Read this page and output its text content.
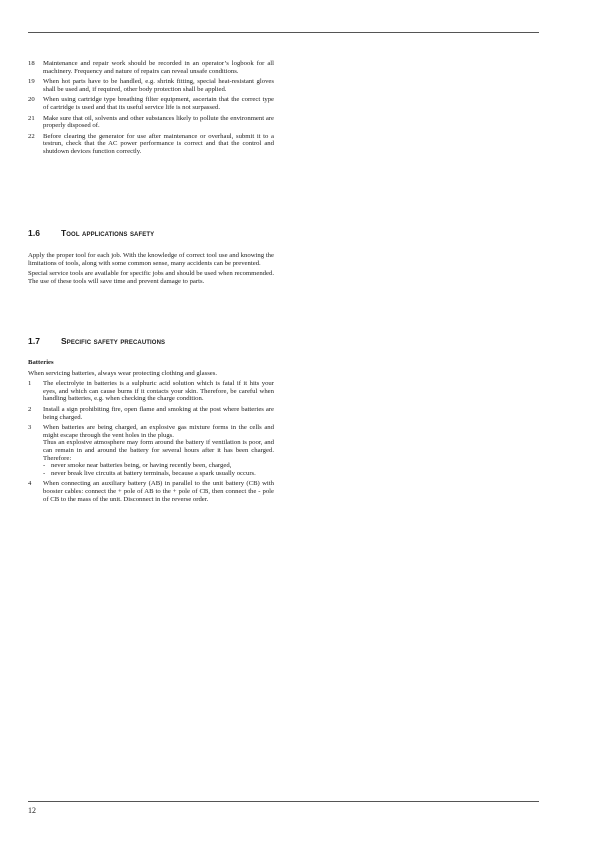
18	Maintenance and repair work should be recorded in an operator’s logbook for all machinery. Frequency and nature of repairs can reveal unsafe conditions.
19	When hot parts have to be handled, e.g. shrink fitting, special heat-resistant gloves shall be used and, if required, other body protection shall be applied.
20	When using cartridge type breathing filter equipment, ascertain that the correct type of cartridge is used and that its useful service life is not surpassed.
21	Make sure that oil, solvents and other substances likely to pollute the environment are properly disposed of.
22	Before clearing the generator for use after maintenance or overhaul, submit it to a testrun, check that the AC power performance is correct and that the control and shutdown devices function correctly.
1.6 Tool applications safety

Apply the proper tool for each job. With the knowledge of correct tool use and knowing the limitations of tools, along with some common sense, many accidents can be prevented.

Special service tools are available for specific jobs and should be used when recommended. The use of these tools will save time and prevent damage to parts.

1.7 Specific safety precautions

Batteries

When servicing batteries, always wear protecting clothing and glasses.

1	The electrolyte in batteries is a sulphuric acid solution which is fatal if it hits your eyes, and which can cause burns if it contacts your skin. Therefore, be careful when handling batteries, e.g. when checking the charge condition.
2	Install a sign prohibiting fire, open flame and smoking at the post where batteries are being charged.
3	When batteries are being charged, an explosive gas mixture forms in the cells and might escape through the vent holes in the plugs.
Thus an explosive atmosphere may form around the battery if ventilation is poor, and can remain in and around the battery for several hours after it has been charged. Therefore:
- never smoke near batteries being, or having recently been, charged,
- never break live circuits at battery terminals, because a spark usually occurs.
4	When connecting an auxiliary battery (AB) in parallel to the unit battery (CB) with booster cables: connect the + pole of AB to the + pole of CB, then connect the - pole of CB to the mass of the unit. Disconnect in the reverse order.
12
